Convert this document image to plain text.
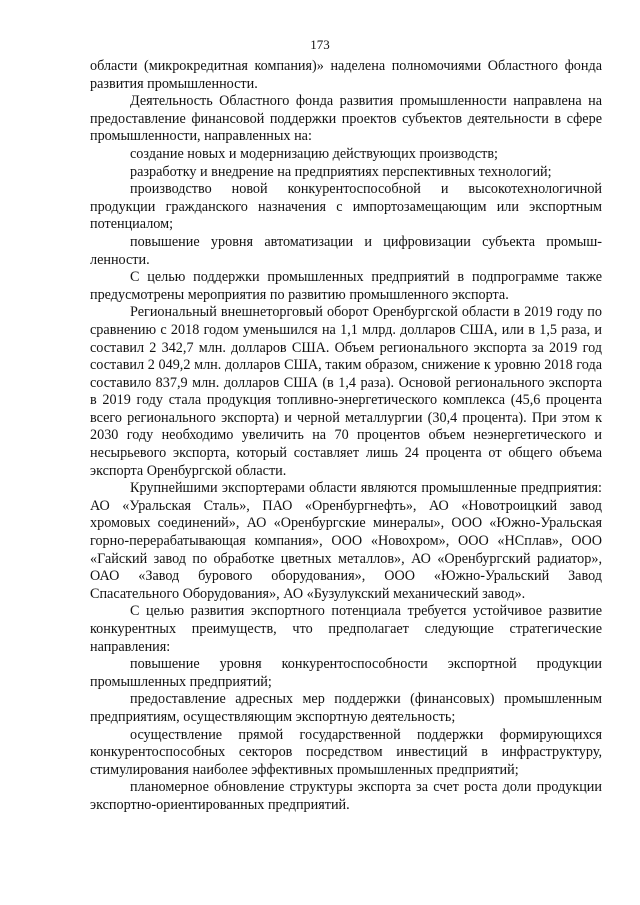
173

области (микрокредитная компания)» наделена полномочиями Областного фонда развития промышленности.

Деятельность Областного фонда развития промышленности направлена на предоставление финансовой поддержки проектов субъектов деятельности в сфере промышленности, направленных на:

создание новых и модернизацию действующих производств;

разработку и внедрение на предприятиях перспективных технологий;

производство новой конкурентоспособной и высокотехнологичной продукции гражданского назначения с импортозамещающим или экспортным потенциалом;

повышение уровня автоматизации и цифровизации субъекта промышленности.

С целью поддержки промышленных предприятий в подпрограмме также предусмотрены мероприятия по развитию промышленного экспорта.

Региональный внешнеторговый оборот Оренбургской области в 2019 году по сравнению с 2018 годом уменьшился на 1,1 млрд. долларов США, или в 1,5 раза, и составил 2 342,7 млн. долларов США. Объем регионального экспорта за 2019 год составил 2 049,2 млн. долларов США, таким образом, снижение к уровню 2018 года составило 837,9 млн. долларов США (в 1,4 раза). Основой регионального экспорта в 2019 году стала продукция топливно-энергетического комплекса (45,6 процента всего регионального экспорта) и черной металлургии (30,4 процента). При этом к 2030 году необходимо увеличить на 70 процентов объем неэнергетического и несырьевого экспорта, который составляет лишь 24 процента от общего объема экспорта Оренбургской области.

Крупнейшими экспортерами области являются промышленные предприятия: АО «Уральская Сталь», ПАО «Оренбургнефть», АО «Новотроицкий завод хромовых соединений», АО «Оренбургские минералы», ООО «Южно-Уральская горно-перерабатывающая компания», ООО «Новохром», ООО «НСплав», ООО «Гайский завод по обработке цветных металлов», АО «Оренбургский радиатор», ОАО «Завод бурового оборудования», ООО «Южно-Уральский Завод Спасательного Оборудования», АО «Бузулукский механический завод».

С целью развития экспортного потенциала требуется устойчивое развитие конкурентных преимуществ, что предполагает следующие стратегические направления:

повышение уровня конкурентоспособности экспортной продукции промышленных предприятий;

предоставление адресных мер поддержки (финансовых) промышленным предприятиям, осуществляющим экспортную деятельность;

осуществление прямой государственной поддержки формирующихся конкурентоспособных секторов посредством инвестиций в инфраструктуру, стимулирования наиболее эффективных промышленных предприятий;

планомерное обновление структуры экспорта за счет роста доли продукции экспортно-ориентированных предприятий.
